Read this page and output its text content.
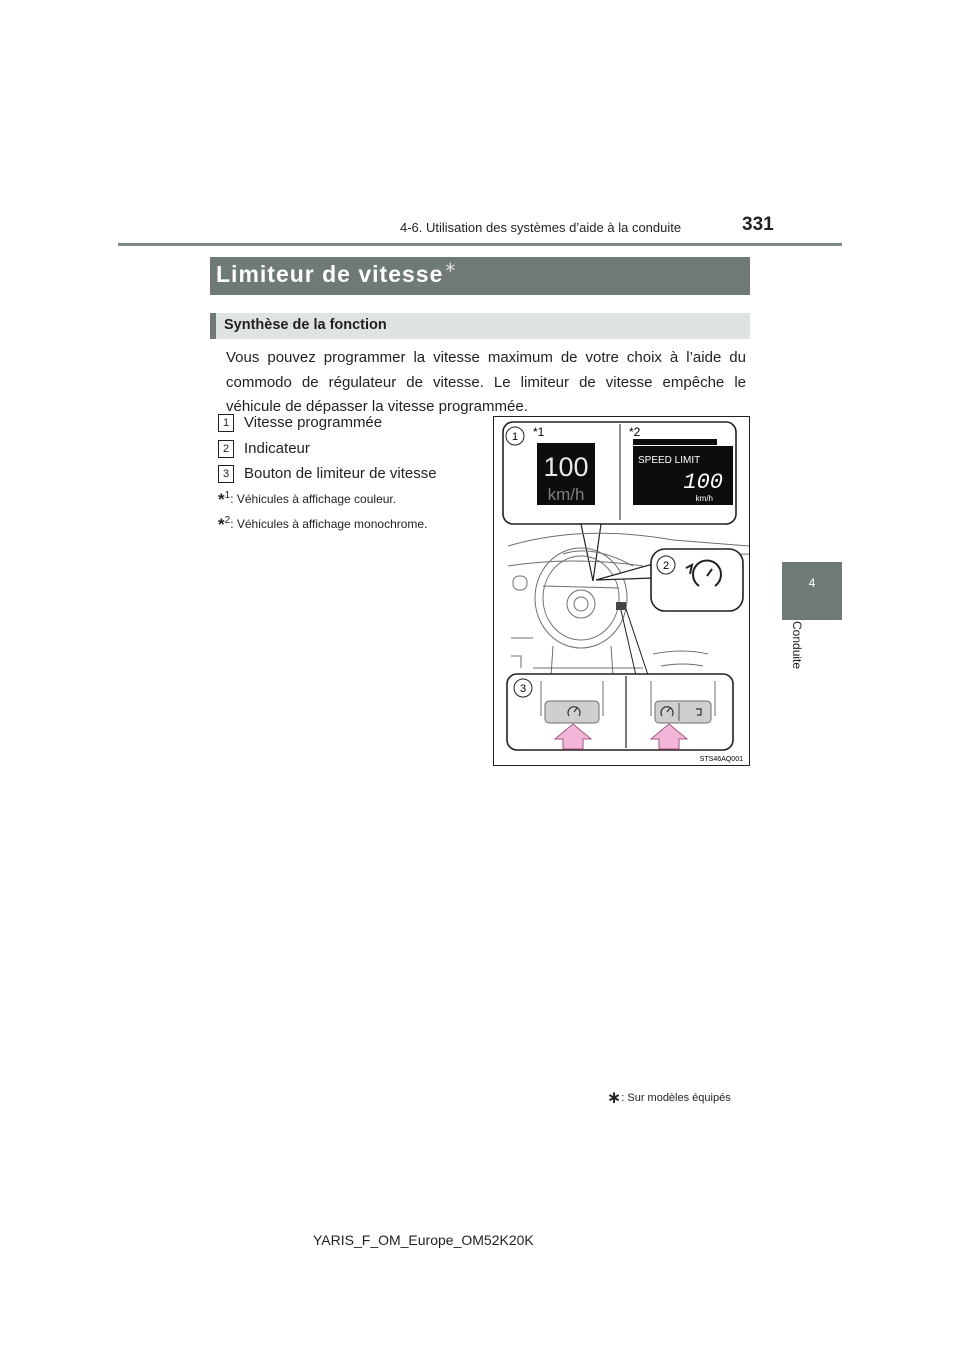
4-6. Utilisation des systèmes d’aide à la conduite	331
4
Conduite
Limiteur de vitesse ∗
Synthèse de la fonction
Vous pouvez programmer la vitesse maximum de votre choix à l’aide du commodo de régulateur de vitesse. Le limiteur de vitesse empêche le véhicule de dépasser la vitesse programmée.
1 Vitesse programmée
2 Indicateur
3 Bouton de limiteur de vitesse
*$^1$: Véhicules à affichage couleur.
*$^2$: Véhicules à affichage monochrome.
1 *1	*2
100
km/h
SPEED LIMIT
100
km/h
2
3
STS46AQ001
∗: Sur modèles équipés
YARIS_F_OM_Europe_OM52K20K
